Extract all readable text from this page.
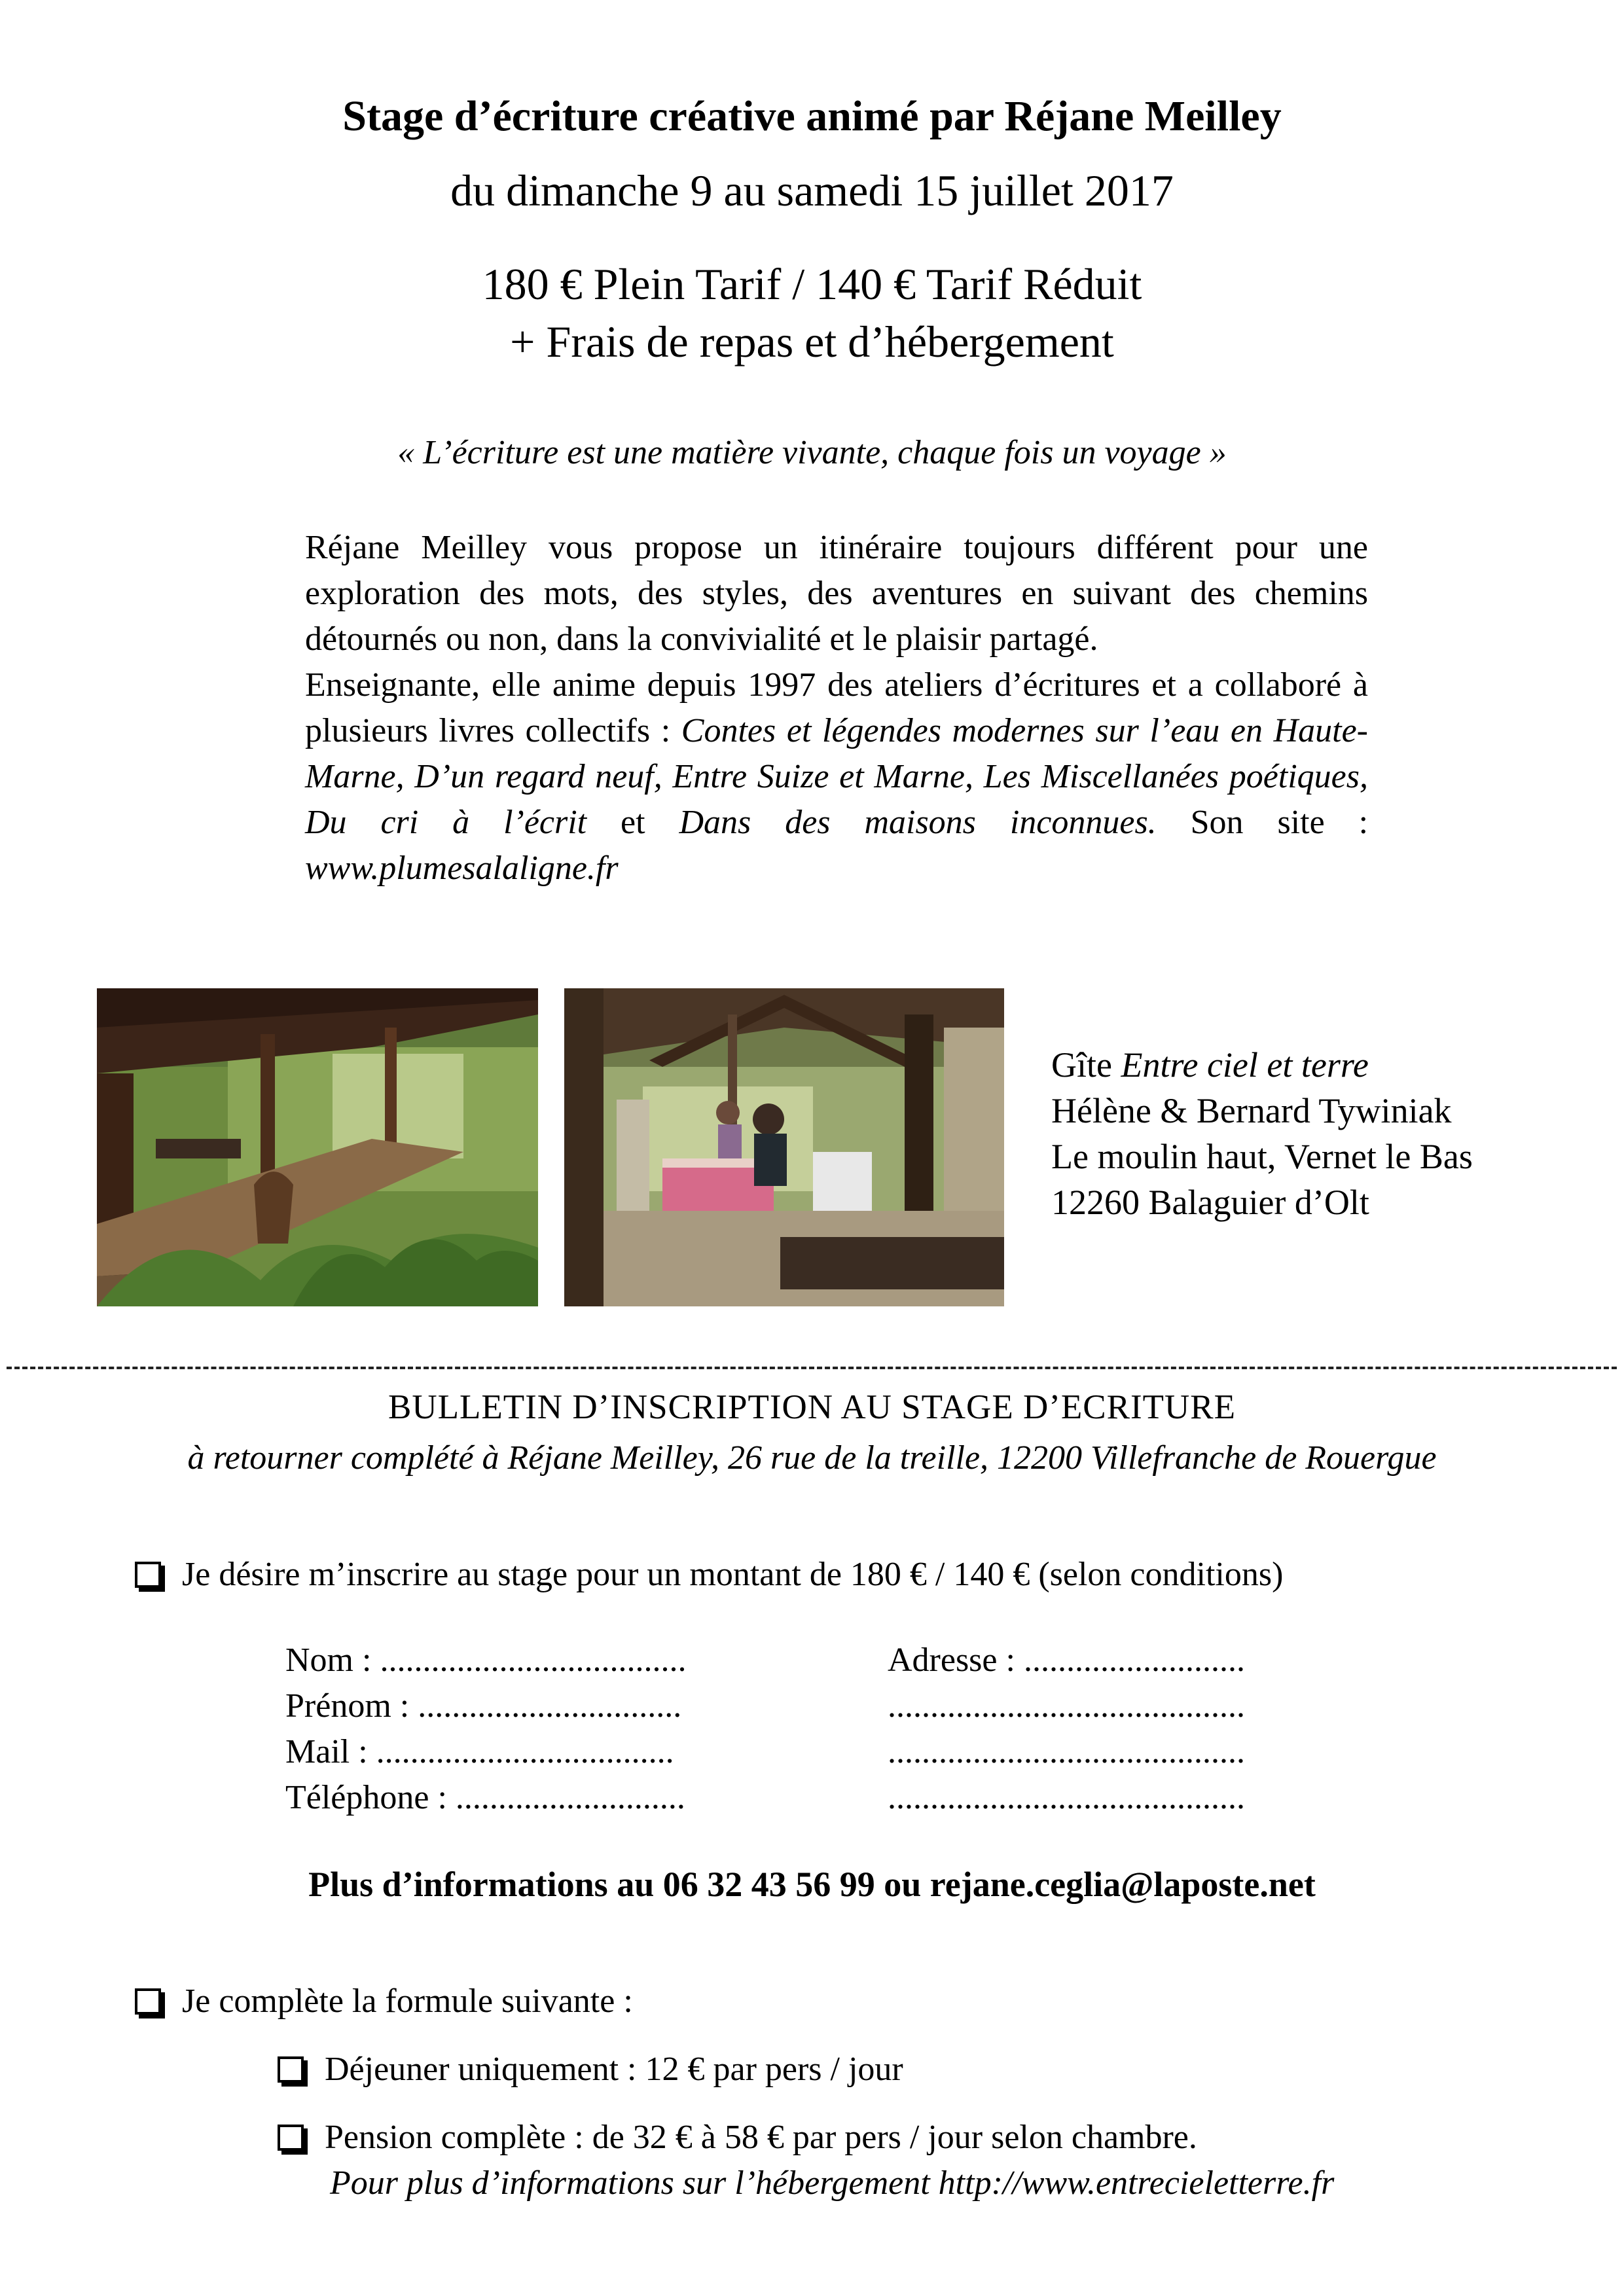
Stage d’écriture créative animé par Réjane Meilley
du dimanche 9 au samedi 15 juillet 2017
180 € Plein Tarif / 140 € Tarif Réduit
+ Frais de repas et d’hébergement
« L’écriture est une matière vivante, chaque fois un voyage »

Réjane Meilley vous propose un itinéraire toujours différent pour une exploration des mots, des styles, des aventures en suivant des chemins détournés ou non, dans la convivialité et le plaisir partagé.

Enseignante, elle anime depuis 1997 des ateliers d’écritures et a collaboré à plusieurs livres collectifs : Contes et légendes modernes sur l’eau en Haute-Marne, D’un regard neuf, Entre Suize et Marne, Les Miscellanées poétiques, Du cri à l’écrit et Dans des maisons inconnues. Son site : www.plumesalaligne.fr

Gîte Entre ciel et terre
Hélène & Bernard Tywiniak
Le moulin haut, Vernet le Bas
12260 Balaguier d’Olt
BULLETIN D’INSCRIPTION AU STAGE D’ECRITURE
à retourner complété à Réjane Meilley, 26 rue de la treille, 12200 Villefranche de Rouergue
Je désire m’inscrire au stage pour un montant de 180 € / 140 € (selon conditions)
Nom : ....................................
Prénom : ...............................
Mail : ...................................
Téléphone : ...........................
Adresse : ..........................
..........................................
..........................................
..........................................
Plus d’informations au 06 32 43 56 99 ou rejane.ceglia@laposte.net
Je complète la formule suivante :
Déjeuner uniquement : 12 € par pers / jour
Pension complète : de 32 € à 58 € par pers / jour selon chambre.
Pour plus d’informations sur l’hébergement http://www.entrecieletterre.fr
